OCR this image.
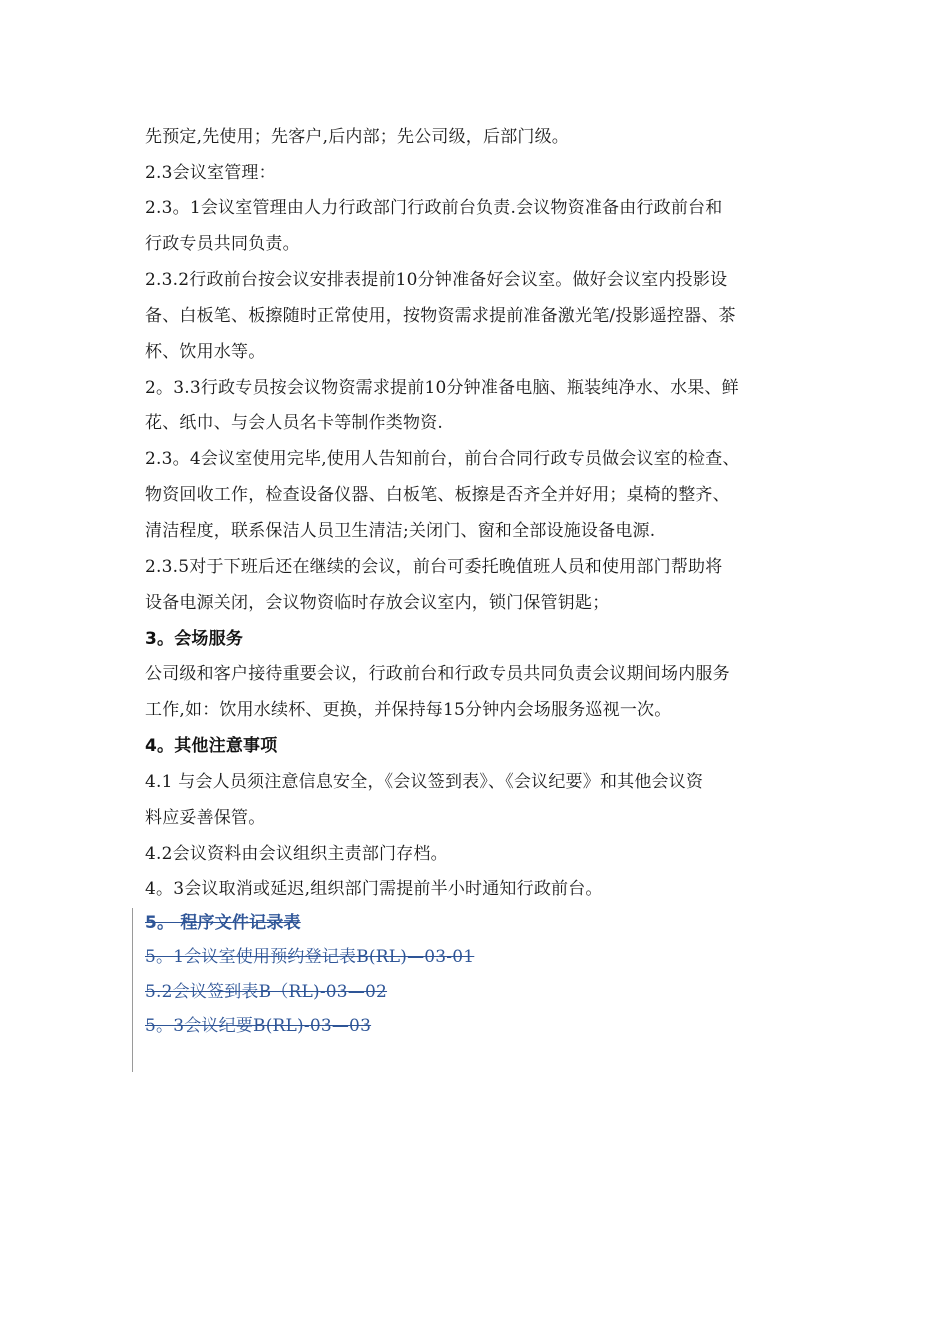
先预定,先使用；先客户,后内部；先公司级，后部门级。
2.3会议室管理：
2.3。1会议室管理由人力行政部门行政前台负责.会议物资准备由行政前台和
行政专员共同负责。
2.3.2行政前台按会议安排表提前10分钟准备好会议室。做好会议室内投影设
备、白板笔、板擦随时正常使用，按物资需求提前准备激光笔/投影遥控器、茶
杯、饮用水等。
2。3.3行政专员按会议物资需求提前10分钟准备电脑、瓶装纯净水、水果、鲜
花、纸巾、与会人员名卡等制作类物资.
2.3。4会议室使用完毕,使用人告知前台，前台合同行政专员做会议室的检查、
物资回收工作，检查设备仪器、白板笔、板擦是否齐全并好用；桌椅的整齐、
清洁程度，联系保洁人员卫生清洁;关闭门、窗和全部设施设备电源.
2.3.5对于下班后还在继续的会议，前台可委托晚值班人员和使用部门帮助将
设备电源关闭，会议物资临时存放会议室内，锁门保管钥匙；
3。会场服务
公司级和客户接待重要会议，行政前台和行政专员共同负责会议期间场内服务
工作,如：饮用水续杯、更换，并保持每15分钟内会场服务巡视一次。
4。其他注意事项
4.1 与会人员须注意信息安全，《会议签到表》、《会议纪要》和其他会议资
料应妥善保管。
4.2会议资料由会议组织主责部门存档。
4。3会议取消或延迟,组织部门需提前半小时通知行政前台。
5。 程序文件记录表
5。1会议室使用预约登记表B(RL)—03-01
5.2会议签到表B（RL)-03—02
5。3会议纪要B(RL)-03—03
